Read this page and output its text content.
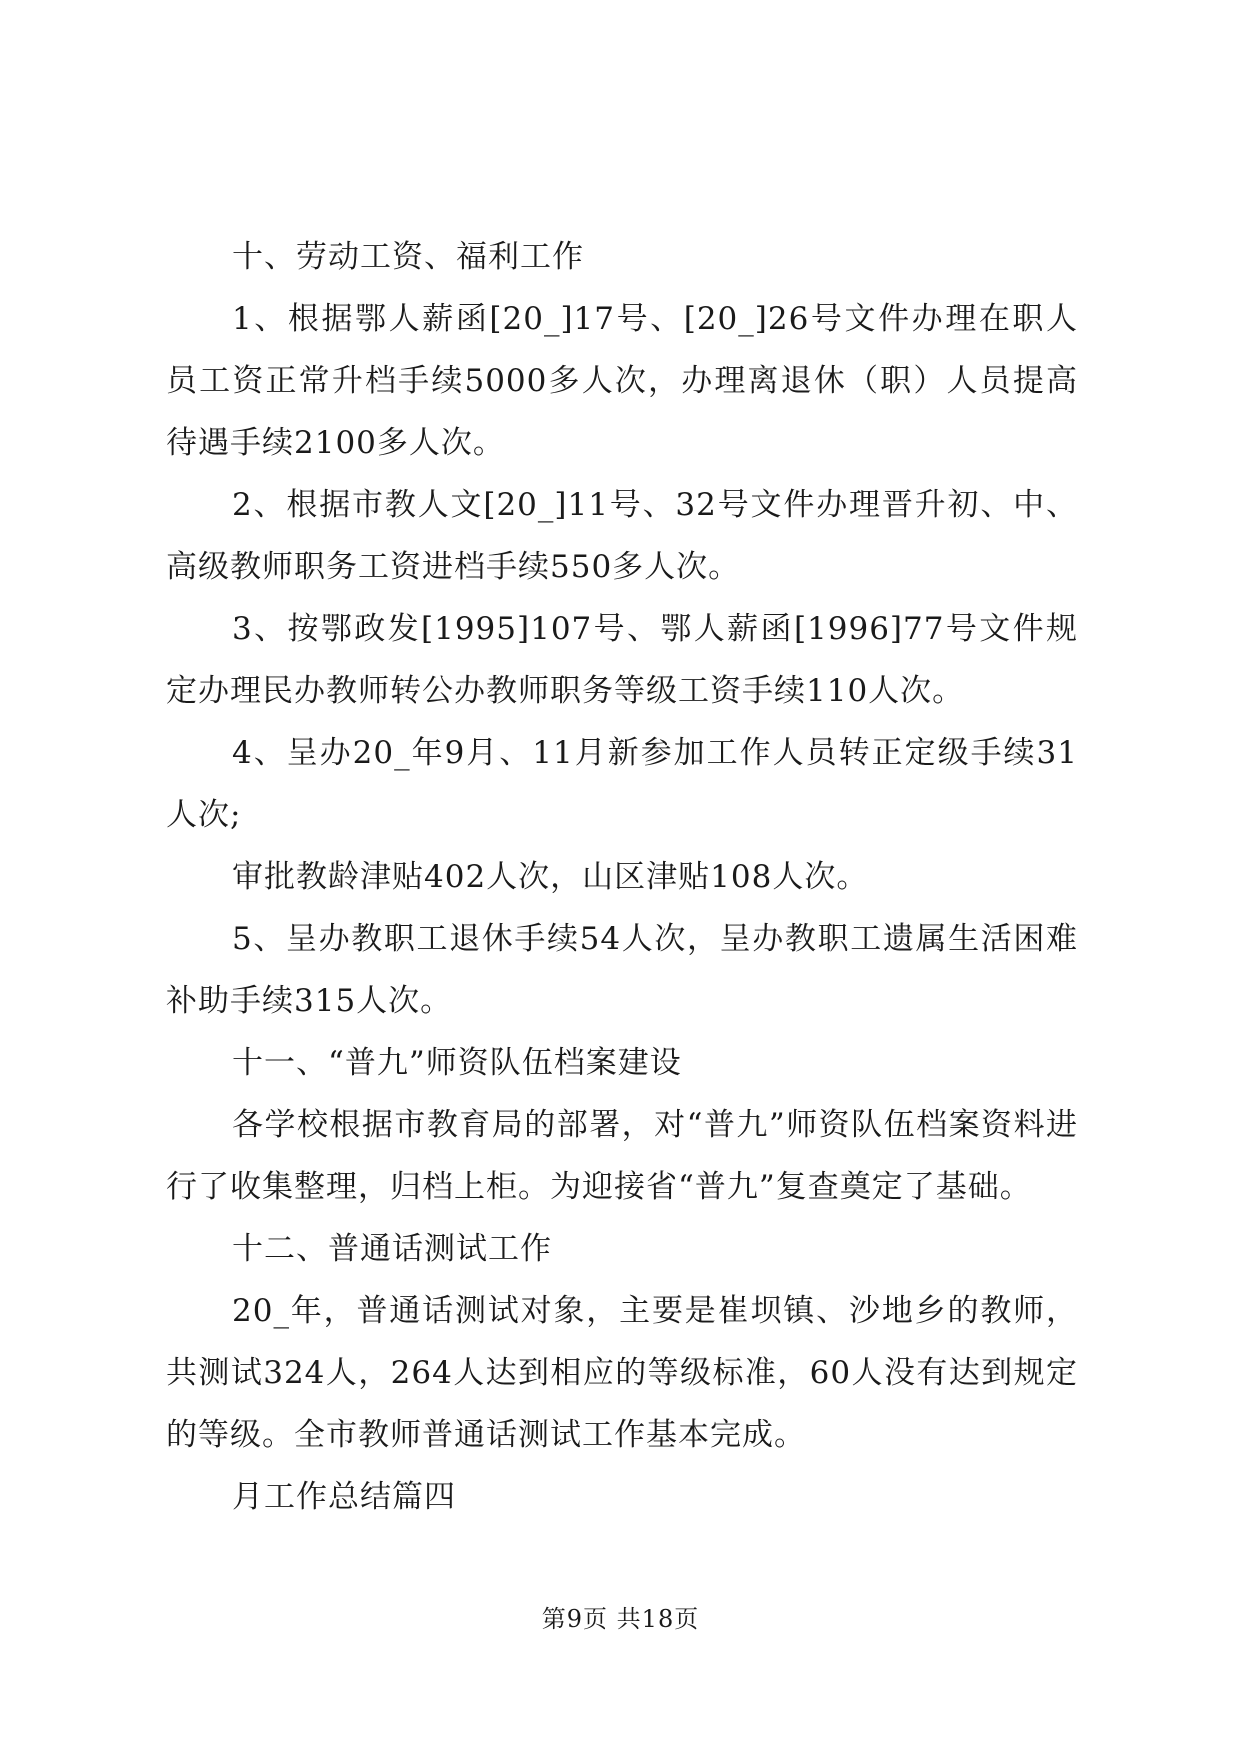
十、劳动工资、福利工作

1、根据鄂人薪函[20_]17号、[20_]26号文件办理在职人员工资正常升档手续5000多人次，办理离退休（职）人员提高待遇手续2100多人次。

2、根据市教人文[20_]11号、32号文件办理晋升初、中、高级教师职务工资进档手续550多人次。

3、按鄂政发[1995]107号、鄂人薪函[1996]77号文件规定办理民办教师转公办教师职务等级工资手续110人次。

4、呈办20_年9月、11月新参加工作人员转正定级手续31人次;

审批教龄津贴402人次，山区津贴108人次。

5、呈办教职工退休手续54人次，呈办教职工遗属生活困难补助手续315人次。

十一、“普九”师资队伍档案建设

各学校根据市教育局的部署，对“普九”师资队伍档案资料进行了收集整理，归档上柜。为迎接省“普九”复查奠定了基础。

十二、普通话测试工作

20_年，普通话测试对象，主要是崔坝镇、沙地乡的教师，共测试324人，264人达到相应的等级标准，60人没有达到规定的等级。全市教师普通话测试工作基本完成。

月工作总结篇四

第9页 共18页
